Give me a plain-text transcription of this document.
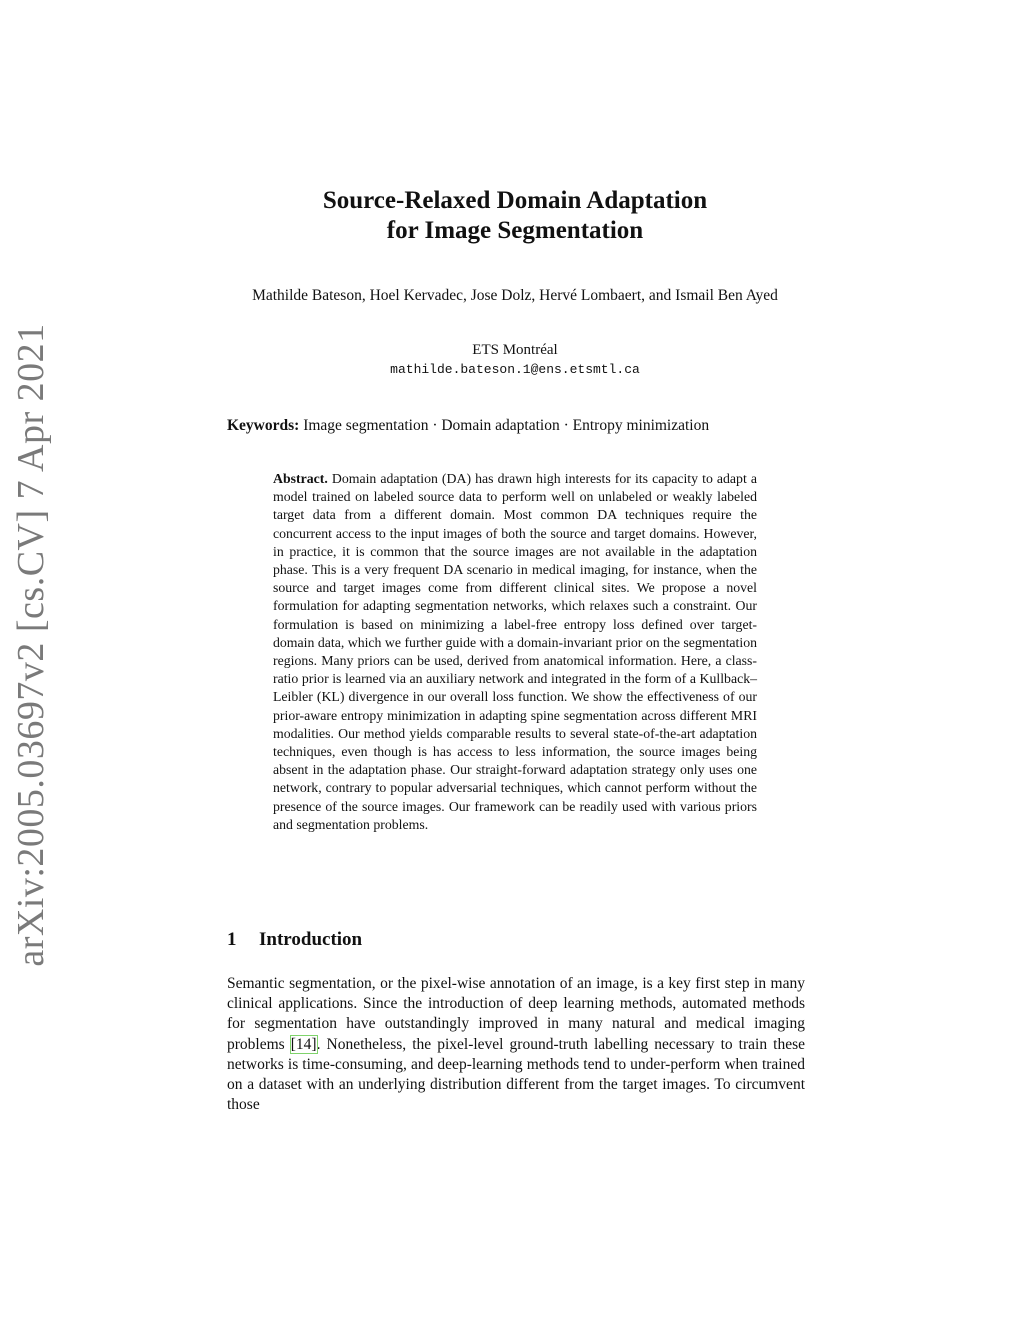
arXiv:2005.03697v2 [cs.CV] 7 Apr 2021
Source-Relaxed Domain Adaptation
for Image Segmentation
Mathilde Bateson, Hoel Kervadec, Jose Dolz, Hervé Lombaert, and Ismail Ben Ayed
ETS Montréal
mathilde.bateson.1@ens.etsmtl.ca
Keywords: Image segmentation · Domain adaptation · Entropy minimization
Abstract. Domain adaptation (DA) has drawn high interests for its capacity to adapt a model trained on labeled source data to perform well on unlabeled or weakly labeled target data from a different domain. Most common DA techniques require the concurrent access to the input images of both the source and target domains. However, in practice, it is common that the source images are not available in the adaptation phase. This is a very frequent DA scenario in medical imaging, for instance, when the source and target images come from different clinical sites. We propose a novel formulation for adapting segmentation networks, which relaxes such a constraint. Our formulation is based on minimizing a label-free entropy loss defined over target-domain data, which we further guide with a domain-invariant prior on the segmentation regions. Many priors can be used, derived from anatomical information. Here, a class-ratio prior is learned via an auxiliary network and integrated in the form of a Kullback–Leibler (KL) divergence in our overall loss function. We show the effectiveness of our prior-aware entropy minimization in adapting spine segmentation across different MRI modalities. Our method yields comparable results to several state-of-the-art adaptation techniques, even though is has access to less information, the source images being absent in the adaptation phase. Our straight-forward adaptation strategy only uses one network, contrary to popular adversarial techniques, which cannot perform without the presence of the source images. Our framework can be readily used with various priors and segmentation problems.
1 Introduction
Semantic segmentation, or the pixel-wise annotation of an image, is a key first step in many clinical applications. Since the introduction of deep learning methods, automated methods for segmentation have outstandingly improved in many natural and medical imaging problems [14]. Nonetheless, the pixel-level ground-truth labelling necessary to train these networks is time-consuming, and deep-learning methods tend to under-perform when trained on a dataset with an underlying distribution different from the target images. To circumvent those
